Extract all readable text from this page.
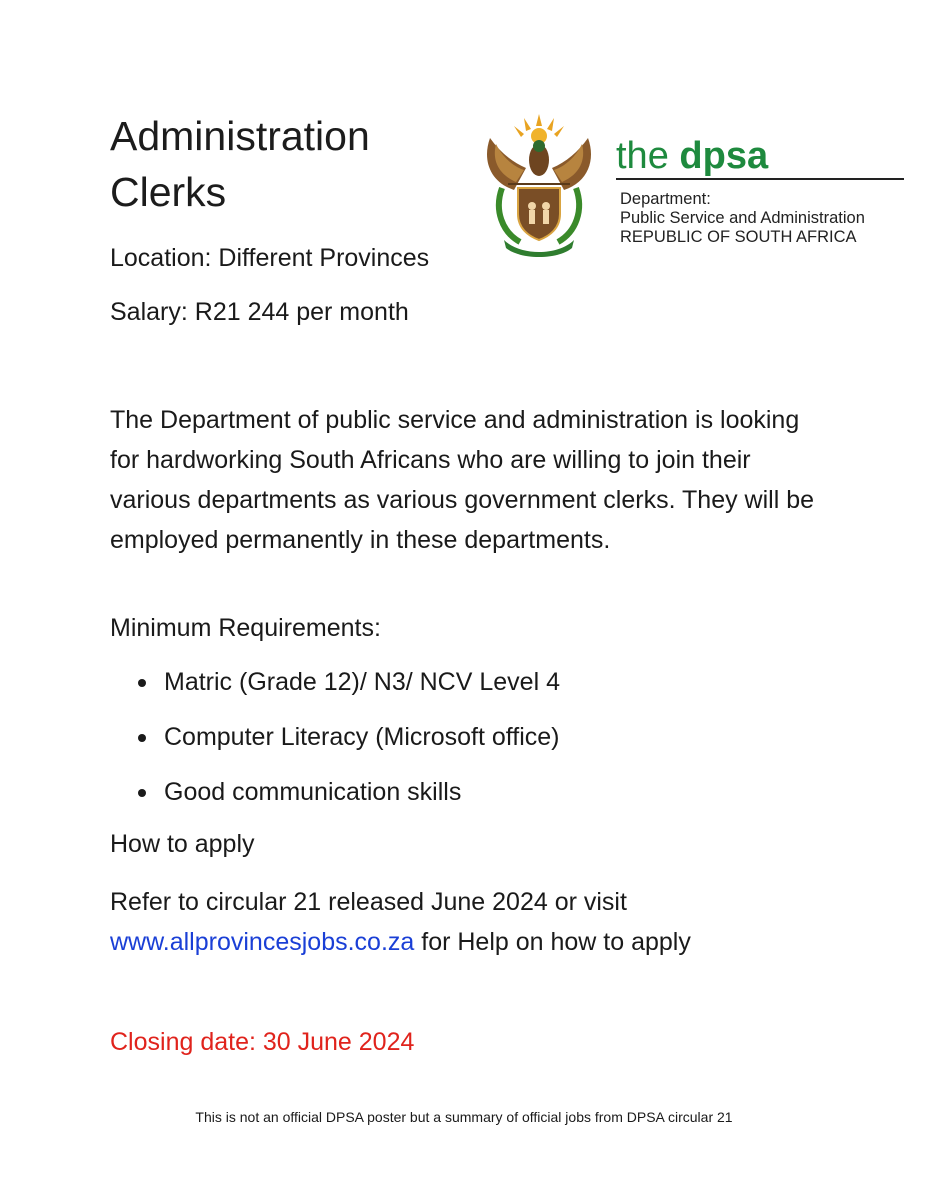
Administration Clerks

Location: Different Provinces

Salary: R21 244 per month

the dpsa

Department:
Public Service and Administration
REPUBLIC OF SOUTH AFRICA

The Department of public service and administration is looking for hardworking South Africans who are willing to join their various departments as various government clerks. They will be employed permanently in these departments.

Minimum Requirements:

Matric (Grade 12)/ N3/ NCV Level 4
Computer Literacy (Microsoft office)
Good communication skills

How to apply

Refer to circular 21 released June 2024 or visit www.allprovincesjobs.co.za for Help on how to apply

Closing date: 30 June 2024

This is not an official DPSA poster but a summary of official jobs from DPSA circular 21
